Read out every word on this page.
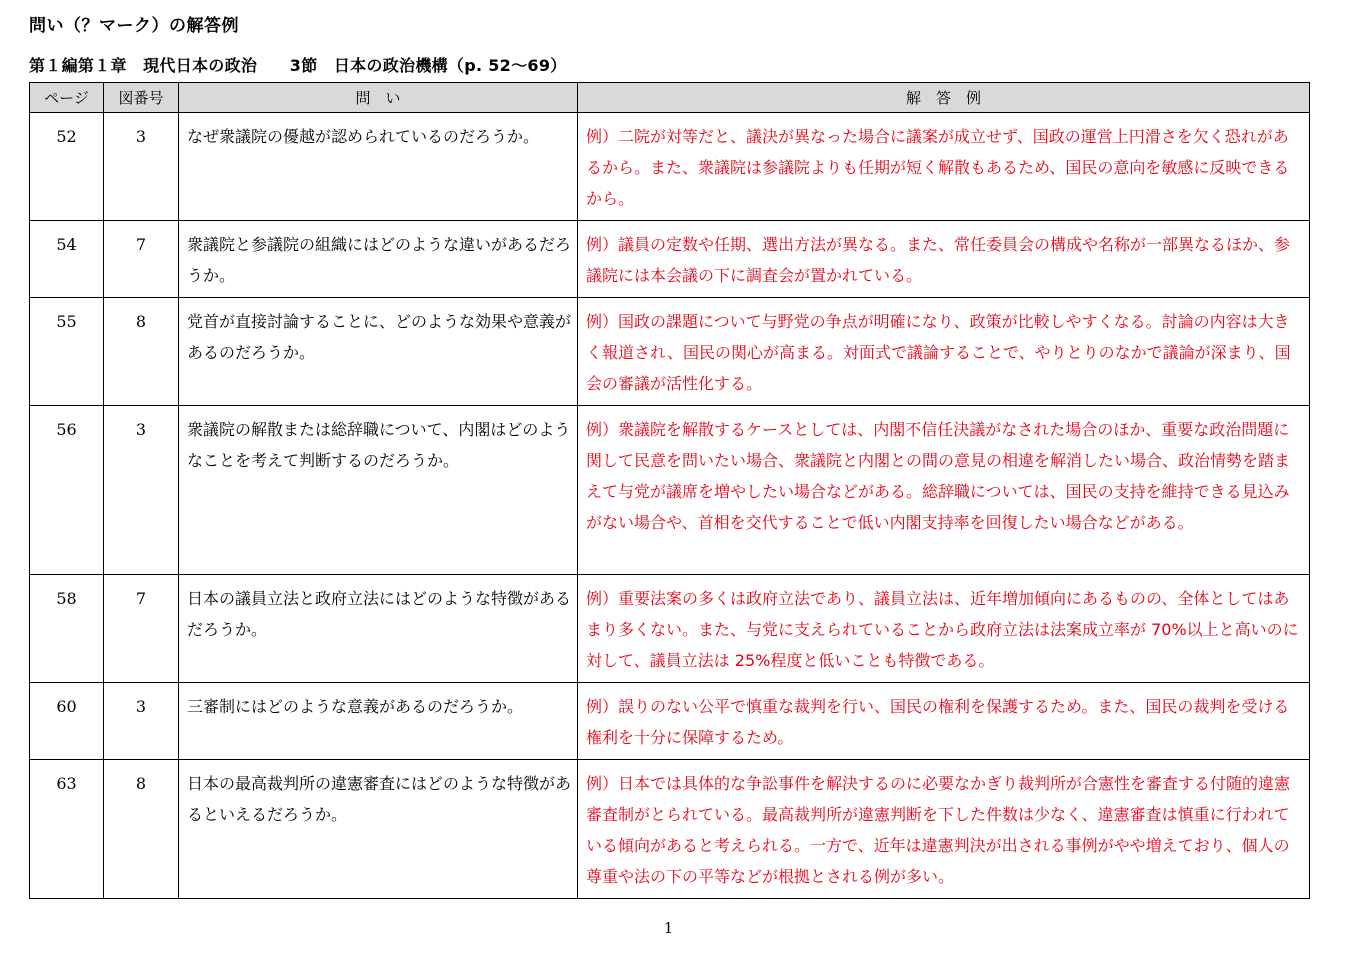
問い（？マーク）の解答例
第１編第１章　現代日本の政治　　3節　日本の政治機構（p. 52～69）
ページ	図番号	問　い	解　答　例
52	3	なぜ衆議院の優越が認められているのだろうか。	例）二院が対等だと、議決が異なった場合に議案が成立せず、国政の運営上円滑さを欠く恐れがあるから。また、衆議院は参議院よりも任期が短く解散もあるため、国民の意向を敏感に反映できるから。
54	7	衆議院と参議院の組織にはどのような違いがあるだろうか。	例）議員の定数や任期、選出方法が異なる。また、常任委員会の構成や名称が一部異なるほか、参議院には本会議の下に調査会が置かれている。
55	8	党首が直接討論することに、どのような効果や意義があるのだろうか。	例）国政の課題について与野党の争点が明確になり、政策が比較しやすくなる。討論の内容は大きく報道され、国民の関心が高まる。対面式で議論することで、やりとりのなかで議論が深まり、国会の審議が活性化する。
56	3	衆議院の解散または総辞職について、内閣はどのようなことを考えて判断するのだろうか。	例）衆議院を解散するケースとしては、内閣不信任決議がなされた場合のほか、重要な政治問題に関して民意を問いたい場合、衆議院と内閣との間の意見の相違を解消したい場合、政治情勢を踏まえて与党が議席を増やしたい場合などがある。総辞職については、国民の支持を維持できる見込みがない場合や、首相を交代することで低い内閣支持率を回復したい場合などがある。
58	7	日本の議員立法と政府立法にはどのような特徴があるだろうか。	例）重要法案の多くは政府立法であり、議員立法は、近年増加傾向にあるものの、全体としてはあまり多くない。また、与党に支えられていることから政府立法は法案成立率が 70%以上と高いのに対して、議員立法は 25%程度と低いことも特徴である。
60	3	三審制にはどのような意義があるのだろうか。	例）誤りのない公平で慎重な裁判を行い、国民の権利を保護するため。また、国民の裁判を受ける権利を十分に保障するため。
63	8	日本の最高裁判所の違憲審査にはどのような特徴があるといえるだろうか。	例）日本では具体的な争訟事件を解決するのに必要なかぎり裁判所が合憲性を審査する付随的違憲審査制がとられている。最高裁判所が違憲判断を下した件数は少なく、違憲審査は慎重に行われている傾向があると考えられる。一方で、近年は違憲判決が出される事例がやや増えており、個人の尊重や法の下の平等などが根拠とされる例が多い。
1
